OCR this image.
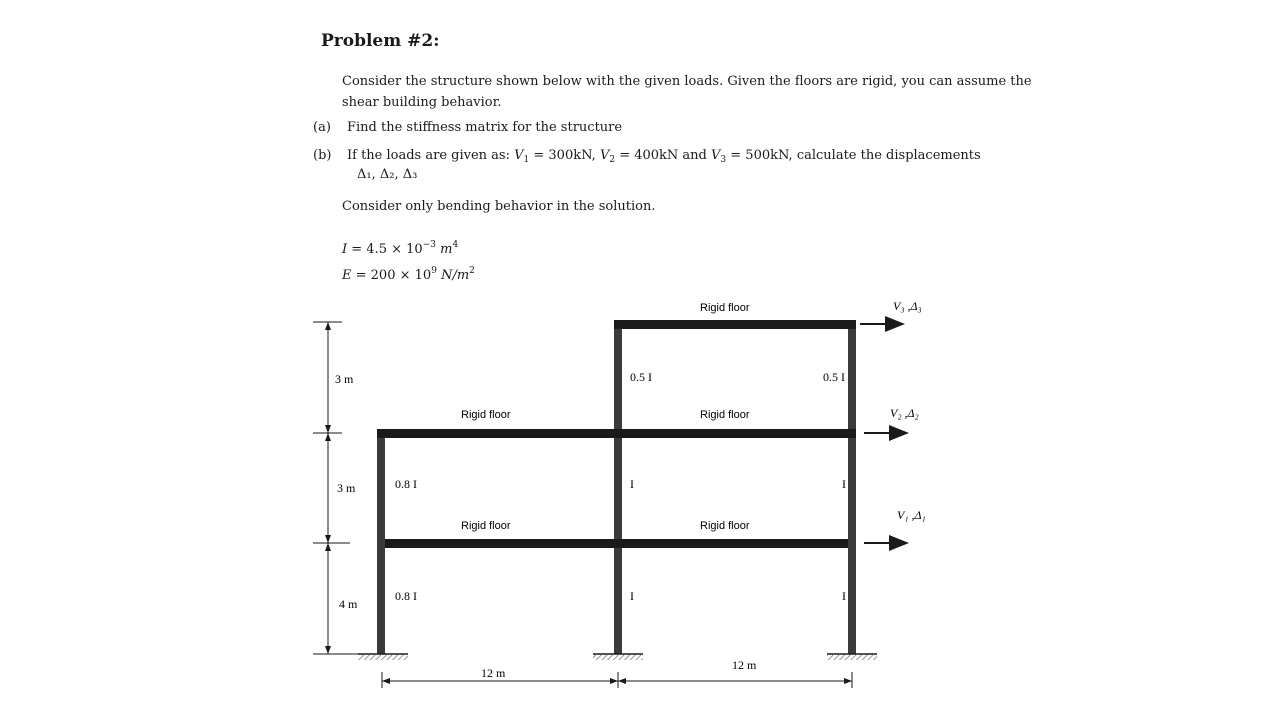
Problem #2:
Consider the structure shown below with the given loads. Given the floors are rigid, you can assume the
shear building behavior.
(a) Find the stiffness matrix for the structure
(b) If the loads are given as: $V_1 = 300kN$, $V_2 = 400kN$ and $V_3 = 500kN$, calculate the displacements
Δ₁, Δ₂, Δ₃
Consider only bending behavior in the solution.
$I = 4.5 \times 10^{-3}$ $m^4$
$E = 200 \times 10^9$ $N/m^2$
Rigid floor
Rigid floor	Rigid floor
Rigid floor	Rigid floor
0.5 I	0.5 I
0.8 I	I	I
0.8 I	I	I
3 m
3 m
4 m
12 m
12 m
V₃ ,Δ₃
V₂ ,Δ₂
V₁ ,Δ₁
